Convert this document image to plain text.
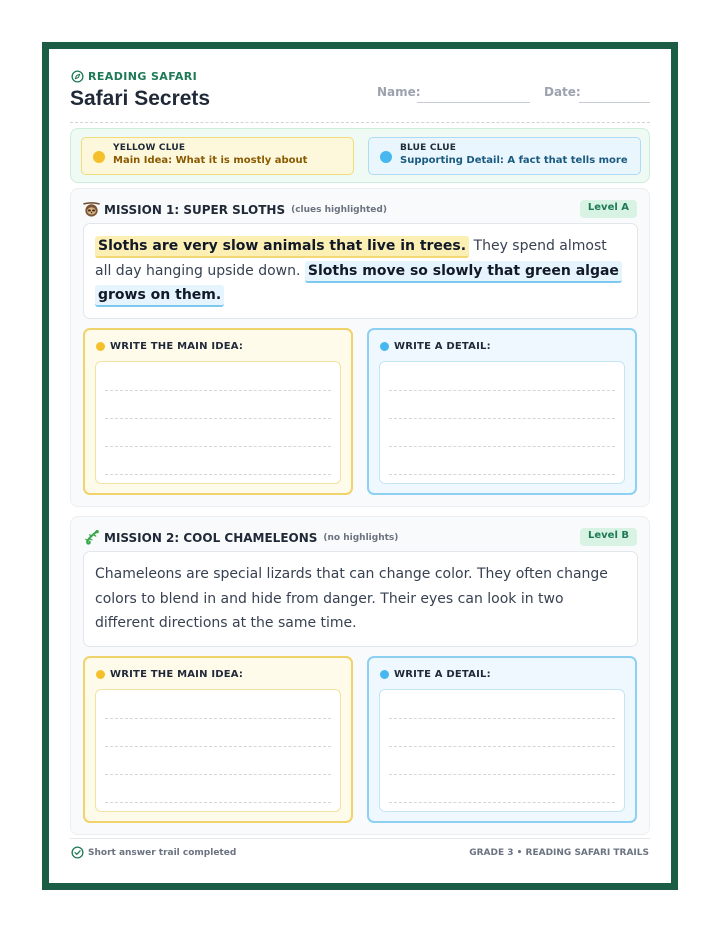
READING SAFARI
Safari Secrets	Name:	Date:
YELLOW CLUE
Main Idea: What it is mostly about
BLUE CLUE
Supporting Detail: A fact that tells more
MISSION 1: SUPER SLOTHS (clues highlighted)	Level A
Sloths are very slow animals that live in trees. They spend almost all day hanging upside down. Sloths move so slowly that green algae grows on them.
WRITE THE MAIN IDEA:	WRITE A DETAIL:
MISSION 2: COOL CHAMELEONS (no highlights)	Level B
Chameleons are special lizards that can change color. They often change colors to blend in and hide from danger. Their eyes can look in two different directions at the same time.
WRITE THE MAIN IDEA:	WRITE A DETAIL:
Short answer trail completed	GRADE 3 • READING SAFARI TRAILS
